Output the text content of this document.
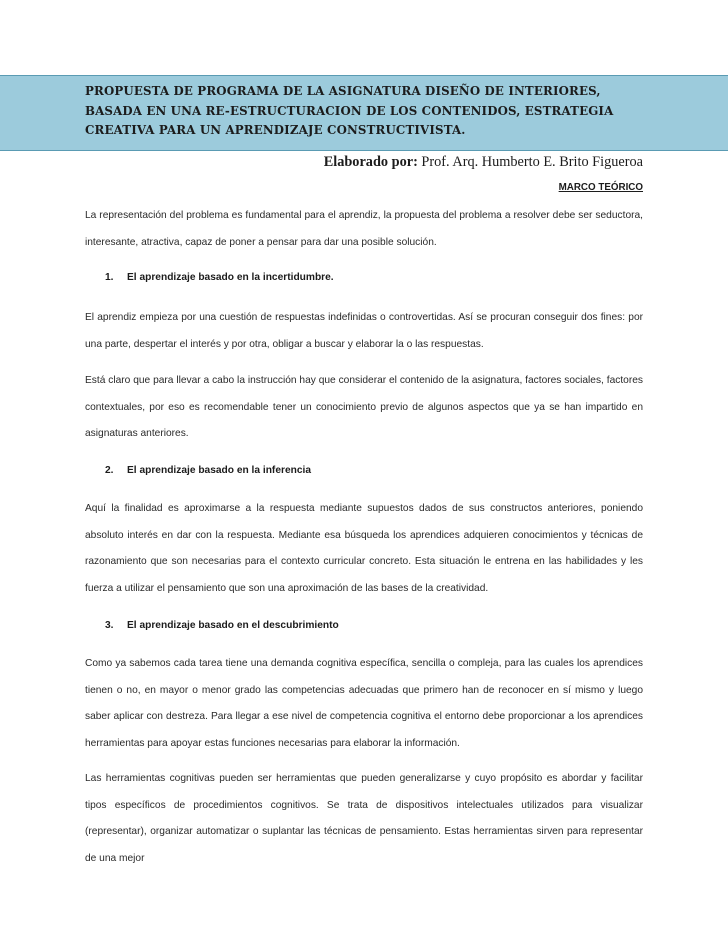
PROPUESTA DE PROGRAMA DE LA ASIGNATURA DISEÑO DE INTERIORES, BASADA EN UNA RE-ESTRUCTURACION DE LOS CONTENIDOS, ESTRATEGIA CREATIVA PARA UN APRENDIZAJE CONSTRUCTIVISTA.
Elaborado por: Prof. Arq. Humberto E. Brito Figueroa
MARCO TEÓRICO
La representación del problema es fundamental para el aprendiz, la propuesta del problema a resolver debe ser seductora, interesante, atractiva, capaz de poner a pensar para dar una posible solución.
1. El aprendizaje basado en la incertidumbre.
El aprendiz empieza por una cuestión de respuestas indefinidas o controvertidas. Así se procuran conseguir dos fines: por una parte, despertar el interés y por otra, obligar a buscar y elaborar la o las respuestas.
Está claro que para llevar a cabo la instrucción hay que considerar el contenido de la asignatura, factores sociales, factores contextuales, por eso es recomendable tener un conocimiento previo de algunos aspectos que ya se han impartido en asignaturas anteriores.
2. El aprendizaje basado en la inferencia
Aquí la finalidad es aproximarse a la respuesta mediante supuestos dados de sus constructos anteriores, poniendo absoluto interés en dar con la respuesta. Mediante esa búsqueda los aprendices adquieren conocimientos y técnicas de razonamiento que son necesarias para el contexto curricular concreto. Esta situación le entrena en las habilidades y les fuerza a utilizar el pensamiento que son una aproximación de las bases de la creatividad.
3. El aprendizaje basado en el descubrimiento
Como ya sabemos cada tarea tiene una demanda cognitiva específica, sencilla o compleja, para las cuales los aprendices tienen o no, en mayor o menor grado las competencias adecuadas que primero han de reconocer en sí mismo y luego saber aplicar con destreza. Para llegar a ese nivel de competencia cognitiva el entorno debe proporcionar a los aprendices herramientas para apoyar estas funciones necesarias para elaborar la información.
Las herramientas cognitivas pueden ser herramientas que pueden generalizarse y cuyo propósito es abordar y facilitar tipos específicos de procedimientos cognitivos. Se trata de dispositivos intelectuales utilizados para visualizar (representar), organizar automatizar o suplantar las técnicas de pensamiento. Estas herramientas sirven para representar de una mejor
